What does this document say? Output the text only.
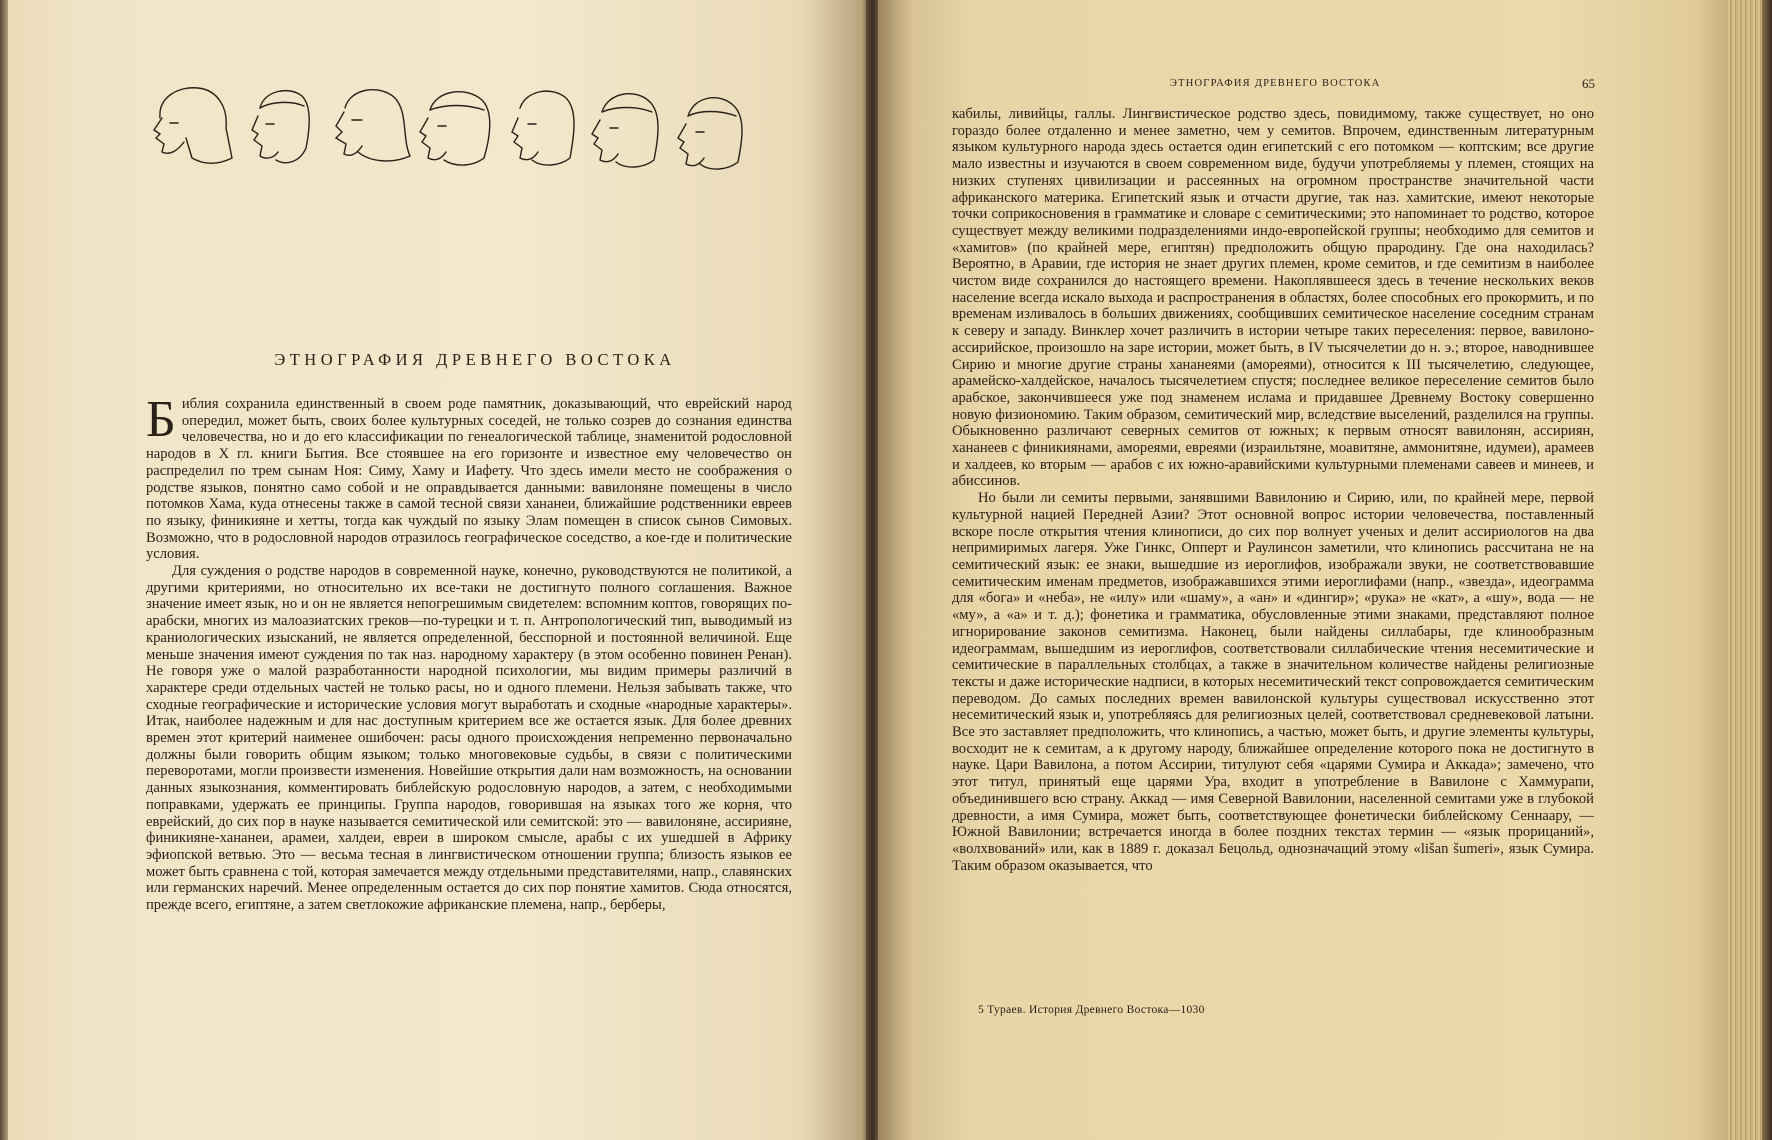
ЭТНОГРАФИЯ ДРЕВНЕГО ВОСТОКА

Библия сохранила единственный в своем роде памятник, доказывающий, что еврейский народ опередил, может быть, своих более культурных соседей, не только созрев до сознания единства человечества, но и до его классификации по генеалогической таблице, знаменитой родословной народов в X гл. книги Бытия. Все стоявшее на его горизонте и известное ему человечество он распределил по трем сынам Ноя: Симу, Хаму и Иафету. Что здесь имели место не соображения о родстве языков, понятно само собой и не оправдывается данными: вавилоняне помещены в число потомков Хама, куда отнесены также в самой тесной связи хананеи, ближайшие родственники евреев по языку, финикияне и хетты, тогда как чуждый по языку Элам помещен в список сынов Симовых. Возможно, что в родословной народов отразилось географическое соседство, а кое-где и политические условия.

Для суждения о родстве народов в современной науке, конечно, руководствуются не политикой, а другими критериями, но относительно их все-таки не достигнуто полного соглашения. Важное значение имеет язык, но и он не является непогрешимым свидетелем: вспомним коптов, говорящих по-арабски, многих из малоазиатских греков—по-турецки и т. п. Антропологический тип, выводимый из краниологических изысканий, не является определенной, бесспорной и постоянной величиной. Еще меньше значения имеют суждения по так наз. народному характеру (в этом особенно повинен Ренан). Не говоря уже о малой разработанности народной психологии, мы видим примеры различий в характере среди отдельных частей не только расы, но и одного племени. Нельзя забывать также, что сходные географические и исторические условия могут выработать и сходные «народные характеры». Итак, наиболее надежным и для нас доступным критерием все же остается язык. Для более древних времен этот критерий наименее ошибочен: расы одного происхождения непременно первоначально должны были говорить общим языком; только многовековые судьбы, в связи с политическими переворотами, могли произвести изменения. Новейшие открытия дали нам возможность, на основании данных языкознания, комментировать библейскую родословную народов, а затем, с необходимыми поправками, удержать ее принципы. Группа народов, говорившая на языках того же корня, что еврейский, до сих пор в науке называется семитической или семитской: это — вавилоняне, ассирияне, финикияне-хананеи, арамеи, халдеи, евреи в широком смысле, арабы с их ушедшей в Африку эфиопской ветвью. Это — весьма тесная в лингвистическом отношении группа; близость языков ее может быть сравнена с той, которая замечается между отдельными представителями, напр., славянских или германских наречий. Менее определенным остается до сих пор понятие хамитов. Сюда относятся, прежде всего, египтяне, а затем светлокожие африканские племена, напр., берберы,

ЭТНОГРАФИЯ ДРЕВНЕГО ВОСТОКА	65

кабилы, ливийцы, галлы. Лингвистическое родство здесь, повидимому, также существует, но оно гораздо более отдаленно и менее заметно, чем у семитов. Впрочем, единственным литературным языком культурного народа здесь остается один египетский с его потомком — коптским; все другие мало известны и изучаются в своем современном виде, будучи употребляемы у племен, стоящих на низких ступенях цивилизации и рассеянных на огромном пространстве значительной части африканского материка. Египетский язык и отчасти другие, так наз. хамитские, имеют некоторые точки соприкосновения в грамматике и словаре с семитическими; это напоминает то родство, которое существует между великими подразделениями индо-европейской группы; необходимо для семитов и «хамитов» (по крайней мере, египтян) предположить общую прародину. Где она находилась? Вероятно, в Аравии, где история не знает других племен, кроме семитов, и где семитизм в наиболее чистом виде сохранился до настоящего времени. Накоплявшееся здесь в течение нескольких веков население всегда искало выхода и распространения в областях, более способных его прокормить, и по временам изливалось в больших движениях, сообщивших семитическое население соседним странам к северу и западу. Винклер хочет различить в истории четыре таких переселения: первое, вавилоно-ассирийское, произошло на заре истории, может быть, в IV тысячелетии до н. э.; второе, наводнившее Сирию и многие другие страны хананеями (амореями), относится к III тысячелетию, следующее, арамейско-халдейское, началось тысячелетием спустя; последнее великое переселение семитов было арабское, закончившееся уже под знаменем ислама и придавшее Древнему Востоку совершенно новую физиономию. Таким образом, семитический мир, вследствие выселений, разделился на группы. Обыкновенно различают северных семитов от южных; к первым относят вавилонян, ассириян, хананеев с финикиянами, амореями, евреями (израильтяне, моавитяне, аммонитяне, идумеи), арамеев и халдеев, ко вторым — арабов с их южно-аравийскими культурными племенами савеев и минеев, и абиссинов.

Но были ли семиты первыми, занявшими Вавилонию и Сирию, или, по крайней мере, первой культурной нацией Передней Азии? Этот основной вопрос истории человечества, поставленный вскоре после открытия чтения клинописи, до сих пор волнует ученых и делит ассириологов на два непримиримых лагеря. Уже Гинкс, Опперт и Раулинсон заметили, что клинопись рассчитана не на семитический язык: ее знаки, вышедшие из иероглифов, изображали звуки, не соответствовавшие семитическим именам предметов, изображавшихся этими иероглифами (напр., «звезда», идеограмма для «бога» и «неба», не «илу» или «шаму», а «ан» и «дингир»; «рука» не «кат», а «шу», вода — не «му», а «а» и т. д.); фонетика и грамматика, обусловленные этими знаками, представляют полное игнорирование законов семитизма. Наконец, были найдены силлабары, где клинообразным идеограммам, вышедшим из иероглифов, соответствовали силлабические чтения несемитические и семитические в параллельных столбцах, а также в значительном количестве найдены религиозные тексты и даже исторические надписи, в которых несемитический текст сопровождается семитическим переводом. До самых последних времен вавилонской культуры существовал искусственно этот несемитический язык и, употребляясь для религиозных целей, соответствовал средневековой латыни. Все это заставляет предположить, что клинопись, а частью, может быть, и другие элементы культуры, восходит не к семитам, а к другому народу, ближайшее определение которого пока не достигнуто в науке. Цари Вавилона, а потом Ассирии, титулуют себя «царями Сумира и Аккада»; замечено, что этот титул, принятый еще царями Ура, входит в употребление в Вавилоне с Хаммурапи, объединившего всю страну. Аккад — имя Северной Вавилонии, населенной семитами уже в глубокой древности, а имя Сумира, может быть, соответствующее фонетически библейскому Сеннаару, — Южной Вавилонии; встречается иногда в более поздних текстах термин — «язык прорицаний», «волхвований» или, как в 1889 г. доказал Бецольд, однозначащий этому «lišan šumeri», язык Сумира. Таким образом оказывается, что

5 Тураев. История Древнего Востока—1030
